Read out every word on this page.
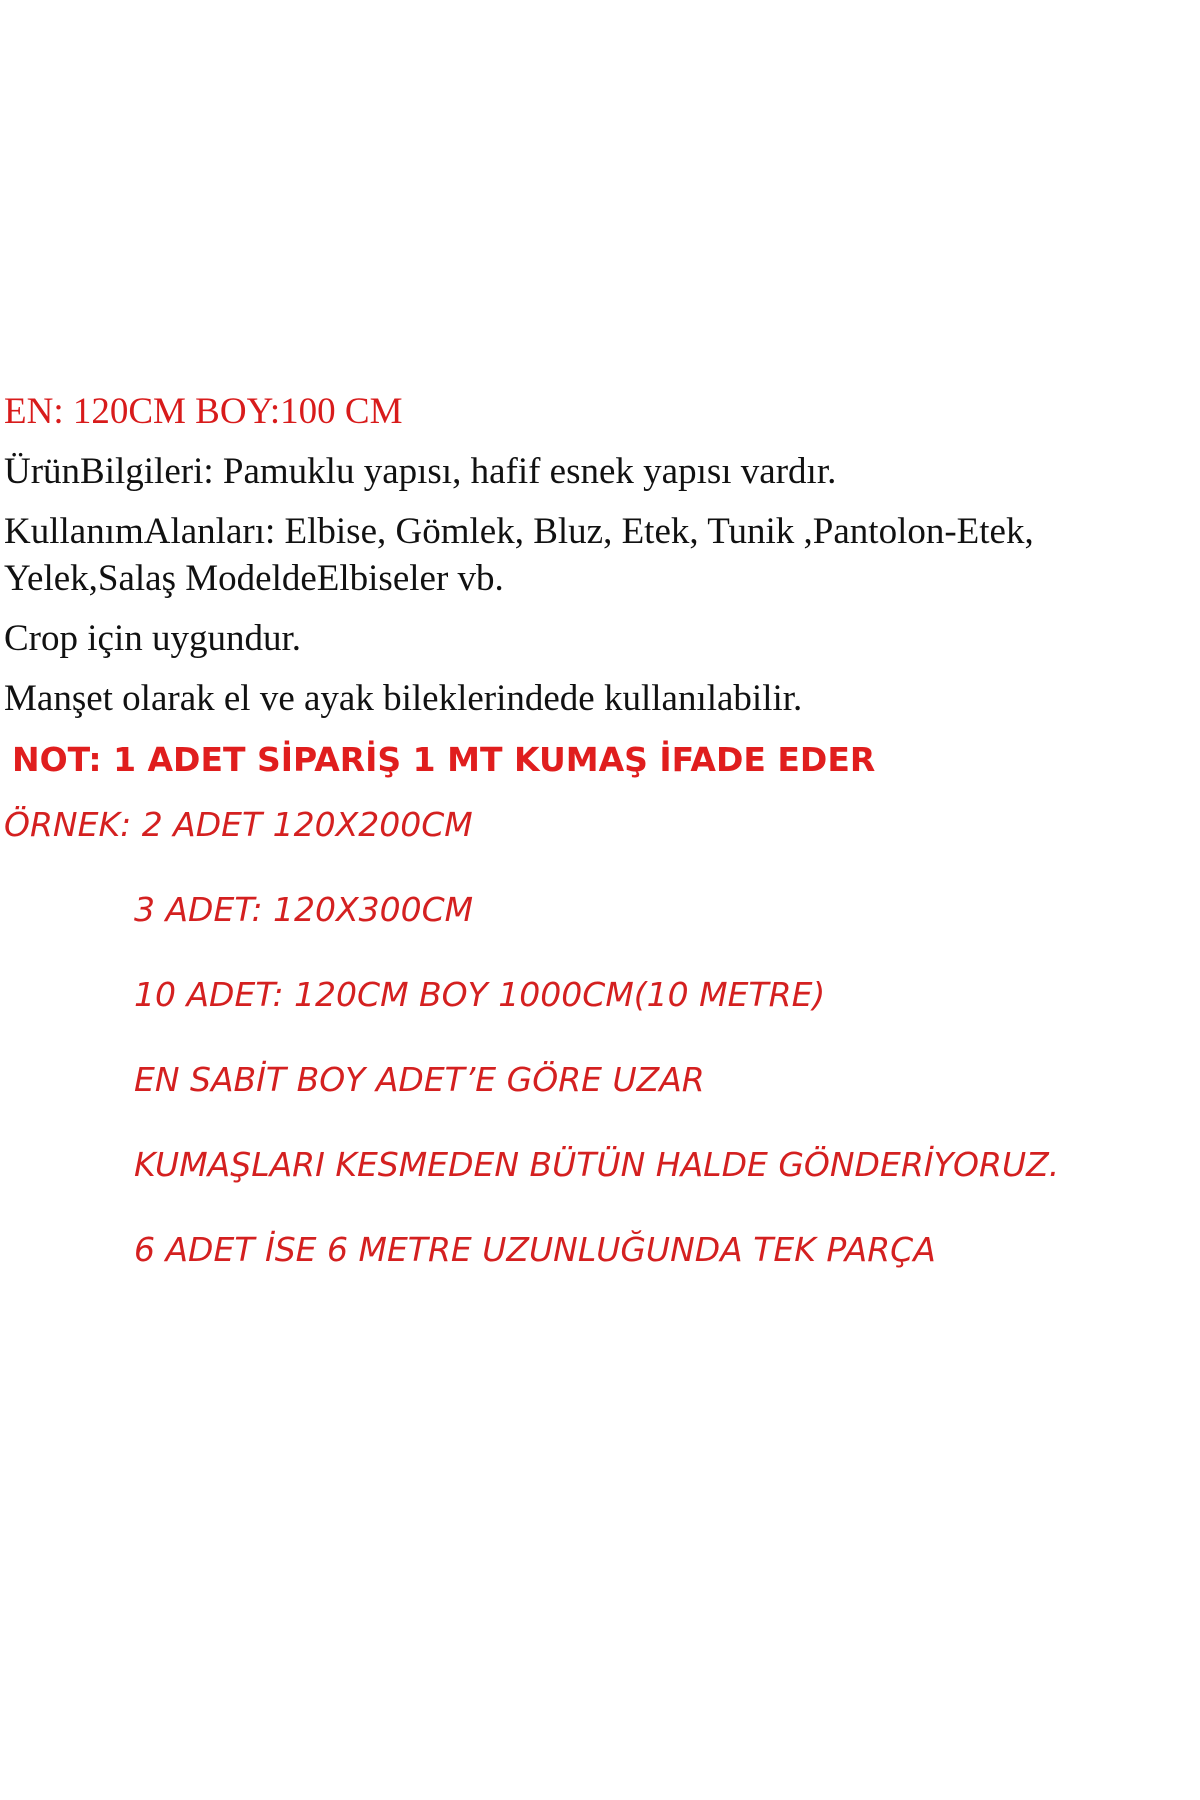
EN: 120CM BOY:100 CM
ÜrünBilgileri: Pamuklu yapısı, hafif esnek yapısı vardır.
KullanımAlanları: Elbise, Gömlek, Bluz, Etek, Tunik ,Pantolon-Etek,
Yelek,Salaş ModeldeElbiseler vb.
Crop için uygundur.
Manşet olarak el ve ayak bileklerindede kullanılabilir.
NOT: 1 ADET SİPARİŞ 1 MT KUMAŞ İFADE EDER
ÖRNEK: 2 ADET 120X200CM
3 ADET: 120X300CM
10 ADET: 120CM BOY 1000CM(10 METRE)
EN SABİT BOY ADET’E GÖRE UZAR
KUMAŞLARI KESMEDEN BÜTÜN HALDE GÖNDERİYORUZ.
6 ADET İSE 6 METRE UZUNLUĞUNDA TEK PARÇA
